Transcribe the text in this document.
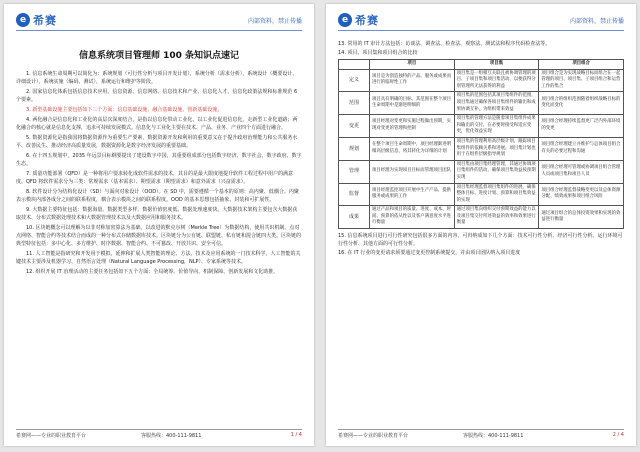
e 希赛	内部资料，禁止传播
信息系统项目管理师 100 条知识点速记

1. 信息系统生命周期可以简化为：系统规划（可行性分析与项目开发计划），系统分析（需求分析），系统设计（概要设计、详细设计），系统实施（编码、测试），系统运行和维护等阶段。

2. 国家信息化体系包括信息技术应用、信息资源、信息网络、信息技术和产业、信息化人才、信息化政策法规和标准规范 6 个要素。

3. 新型基础设施主要包括如下三个方面：信息基础设施、融合基础设施、创新基础设施。

4. 两化融合是信息化和工业化的高层次深度结合，是指以信息化带动工业化、以工业化促进信息化，走新型工业化道路；两化融合的核心就是信息化支撑，追求可持续发展模式。信息化与工业化主要在技术、产品、业务、产业四个方面进行融合。

5. 数据资源化是指我国将数据资源作为重要生产要素，数据资源开发和利用的重要意义在于提升政府治理能力和公共服务水平、改善民生、推动经济高质量发展，数据资源化是数字经济发展的重要基础。

6. 在十四五规划中，2035 年远景目标纲要提出了建设数字中国，其重要组成部分包括数字经济、数字社会、数字政府、数字生态。

7. 质量功能部署（QFD）是一种将用户要求转化成软件需求的技术，其目的是最大限度地提升软件工程过程中用户的满意度。QFD 将软件需求分为三类：常规需求（基本需求）、期望需求（期望需求）和意外需求（兴奋需求）。

8. 软件设计分为结构化设计（SD）与面向对象设计（OOD）。在 SD 中，需要遵循一个基本的原则：高内聚、低耦合。内聚表示模块内部各成分之间的联系程度，耦合表示模块之间的联系程度。OOD 的基本思想包括抽象、封装和可扩展性。

9. 大数据主要特征包括：数据海量、数据类型多样、数据价值密度低、数据处理速度快。大数据技术架构主要包含大数据获取技术、分布式数据处理技术和大数据管理技术以及大数据应用和服务技术。

10. 区块链概念可以理解为以非对称加密算法为基础，以改进的默克尔树（Merkle Tree）为数据结构，使用共识机制、点对点网络、智能合约等技术结合而成的一种分布式存储数据库技术。区块链分为公有链、联盟链、私有链和混合链四大类。区块链的典型特征包括：多中心化、多方维护、时序数据、智能合约、不可篡改、开放共识、安全可信。

11. 人工智能是指研究和开发用于模拟、延伸和扩展人类智能的理论、方法、技术及应用系统的一门技术科学。人工智能的关键技术主要涉及机器学习、自然语言处理（Natural Language Processing，NLP）、专家系统等技术。

12. 组织开展 IT 治理活动的主要任务包括如下五个方面：全局统筹、价值导向、机制保障、创新发展和文化助推。

希赛网——专业的职业教育平台	客服热线：400-111-9811	1 / 4
e 希赛	内部资料，禁止传播

13. 常用的 IT 审计方法包括：访谈法、调查法、检查法、观察法、测试法和程序代码检查法等。

14. 项目、项目集和项目组合的比较

	项目	项目集	项目组合
定义	项目是为创造独特的产品、服务或成果而进行的临时性工作	项目集是一组相互关联且被协调管理的项目、子项目集和项目集活动，以便获得分别管理所无法获得的利益	项目组合是为实现战略目标而组合在一起管理的项目、项目集、子项目组合和运营工作的集合
范围	项目具有明确的目标，其范围在整个项目生命周期中是渐进明细的	项目集的范围包括其项目集组件的范围，项目集通过确保各项目集组件的输出和成果协调互补，为组织带来效益	项目组合的组织范围随着组织战略目标的变化而变化
变更	项目经理对变更和实施过程做出预期，实现对变更的管理和控制	项目集的管理方法是随着项目集组件成果和输出的交付，在必要时接受和适应变更，优化效益实现	项目组合经理持续监督更广泛内外部环境的变更
规划	在整个项目生命周期中，项目经理渐进明细高层级信息，将其转化为详细的计划	项目集的管理利用高层级计划，跟踪项目集组件的依赖关系和进展。项目集计划也用于在组件层级指导规划	项目组合经理建立并维护与总体项目组合有关的必要过程和沟通
管理	项目经理为实现项目目标而管理项目团队	项目集由项目集经理管理，其通过协调项目集组件的活动，确保项目集效益按预期实现	项目组合经理可管理或协调项目组合管理人员或项目集和项目人员
监督	项目经理监控项目开展中生产产品、提供服务或成果的工作	项目集经理监督项目集组件的进展，确保整体目标、进度计划、预算和项目集效益的实现	项目组合经理监督战略变更以及总体资源分配、绩效成果和项目组合风险
成果	通过产品和项目的质量、进度、成本、时间、预算的依从性以及客户满意度水平进行衡量	通过项目集向组织交付预期效益的能力以及项目集交付所述效益的效率和效果进行衡量	通过项目组合的总体投资效果和实现的效益进行衡量

15. 信息系统项目进行可行性研究包括很多方面的内容，可归纳成如下几个方面：技术可行性分析、经济可行性分析、运行环境可行性分析、其他方面的可行性分析。

16. 在 IT 行业的变更请求须要通过变更控制系统提交，并由项目团队纳入项目进度

希赛网——专业的职业教育平台	客服热线：400-111-9811	2 / 4
